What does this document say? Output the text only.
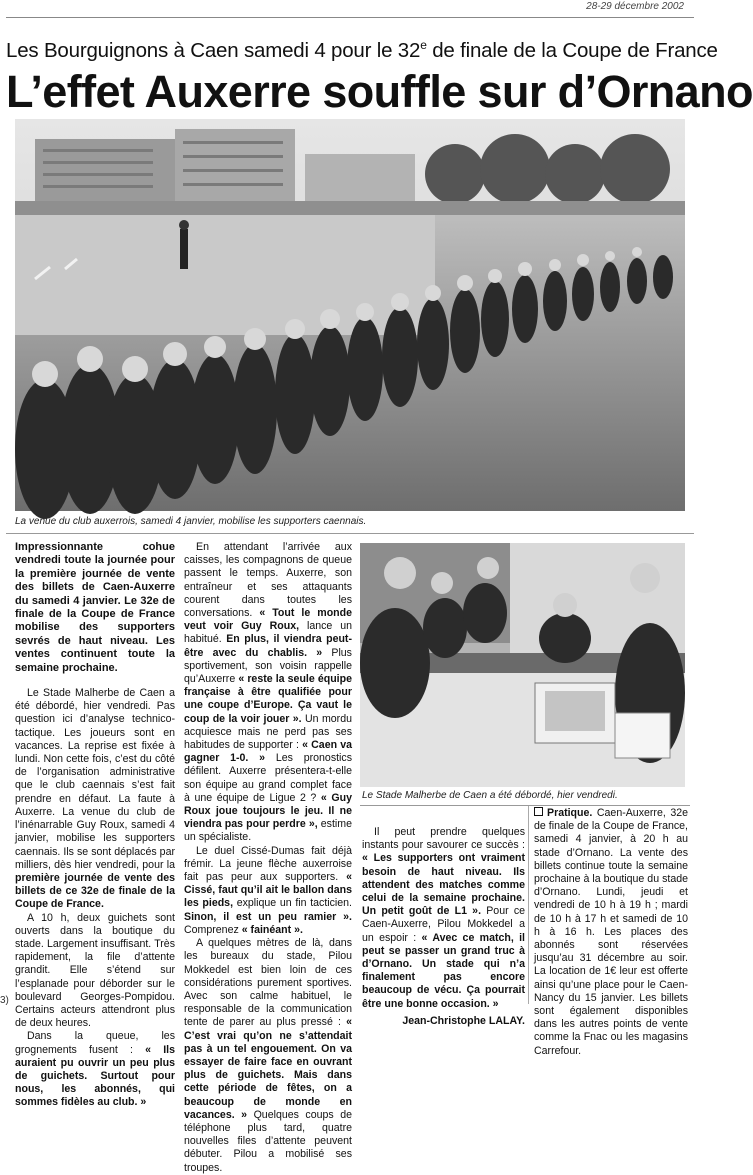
28-29 décembre 2002
Les Bourguignons à Caen samedi 4 pour le 32e de finale de la Coupe de France
L’effet Auxerre souffle sur d’Ornano
La venue du club auxerrois, samedi 4 janvier, mobilise les supporters caennais.

Impressionnante cohue vendredi toute la journée pour la première journée de vente des billets de Caen-Auxerre du samedi 4 janvier. Le 32e de finale de la Coupe de France mobilise des supporters sevrés de haut niveau. Les ventes continuent toute la semaine prochaine.

Le Stade Malherbe de Caen a été débordé, hier vendredi. Pas question ici d’analyse technico-tactique. Les joueurs sont en vacances. La reprise est fixée à lundi. Non cette fois, c’est du côté de l’organisation administrative que le club caennais s’est fait prendre en défaut. La faute à Auxerre. La venue du club de l’inénarrable Guy Roux, samedi 4 janvier, mobilise les supporters caennais. Ils se sont déplacés par milliers, dès hier vendredi, pour la première journée de vente des billets de ce 32e de finale de la Coupe de France.

A 10 h, deux guichets sont ouverts dans la boutique du stade. Largement insuffisant. Très rapidement, la file d’attente grandit. Elle s’étend sur l’esplanade pour déborder sur le boulevard Georges-Pompidou. Certains acteurs attendront plus de deux heures.

Dans la queue, les grognements fusent : « Ils auraient pu ouvrir un peu plus de guichets. Surtout pour nous, les abonnés, qui sommes fidèles au club. »

En attendant l’arrivée aux caisses, les compagnons de queue passent le temps. Auxerre, son entraîneur et ses attaquants courent dans toutes les conversations. « Tout le monde veut voir Guy Roux, lance un habitué. En plus, il viendra peut-être avec du chablis. » Plus sportivement, son voisin rappelle qu’Auxerre « reste la seule équipe française à être qualifiée pour une coupe d’Europe. Ça vaut le coup de la voir jouer ». Un mordu acquiesce mais ne perd pas ses habitudes de supporter : « Caen va gagner 1-0. » Les pronostics défilent. Auxerre présentera-t-elle son équipe au grand complet face à une équipe de Ligue 2 ? « Guy Roux joue toujours le jeu. Il ne viendra pas pour perdre », estime un spécialiste.

Le duel Cissé-Dumas fait déjà frémir. La jeune flèche auxerroise fait pas peur aux supporters. « Cissé, faut qu’il ait le ballon dans les pieds, explique un fin tacticien. Sinon, il est un peu ramier ». Comprenez « fainéant ».

A quelques mètres de là, dans les bureaux du stade, Pilou Mokkedel est bien loin de ces considérations purement sportives. Avec son calme habituel, le responsable de la communication tente de parer au plus pressé : « C’est vrai qu’on ne s’attendait pas à un tel engouement. On va essayer de faire face en ouvrant plus de guichets. Mais dans cette période de fêtes, on a beaucoup de monde en vacances. » Quelques coups de téléphone plus tard, quatre nouvelles files d’attente peuvent débuter. Pilou a mobilisé ses troupes.

Le Stade Malherbe de Caen a été débordé, hier vendredi.

Il peut prendre quelques instants pour savourer ce succès : « Les supporters ont vraiment besoin de haut niveau. Ils attendent des matches comme celui de la semaine prochaine. Un petit goût de L1 ». Pour ce Caen-Auxerre, Pilou Mokkedel a un espoir : « Avec ce match, il peut se passer un grand truc à d’Ornano. Un stade qui n’a finalement pas encore beaucoup de vécu. Ça pourrait être une bonne occasion. »

Jean-Christophe LALAY.

Pratique. Caen-Auxerre, 32e de finale de la Coupe de France, samedi 4 janvier, à 20 h au stade d’Ornano. La vente des billets continue toute la semaine prochaine à la boutique du stade d’Ornano. Lundi, jeudi et vendredi de 10 h à 19 h ; mardi de 10 h à 17 h et samedi de 10 h à 16 h. Les places des abonnés sont réservées jusqu’au 31 décembre au soir. La location de 1€ leur est offerte ainsi qu’une place pour le Caen-Nancy du 15 janvier. Les billets sont également disponibles dans les autres points de vente comme la Fnac ou les magasins Carrefour.

3)
